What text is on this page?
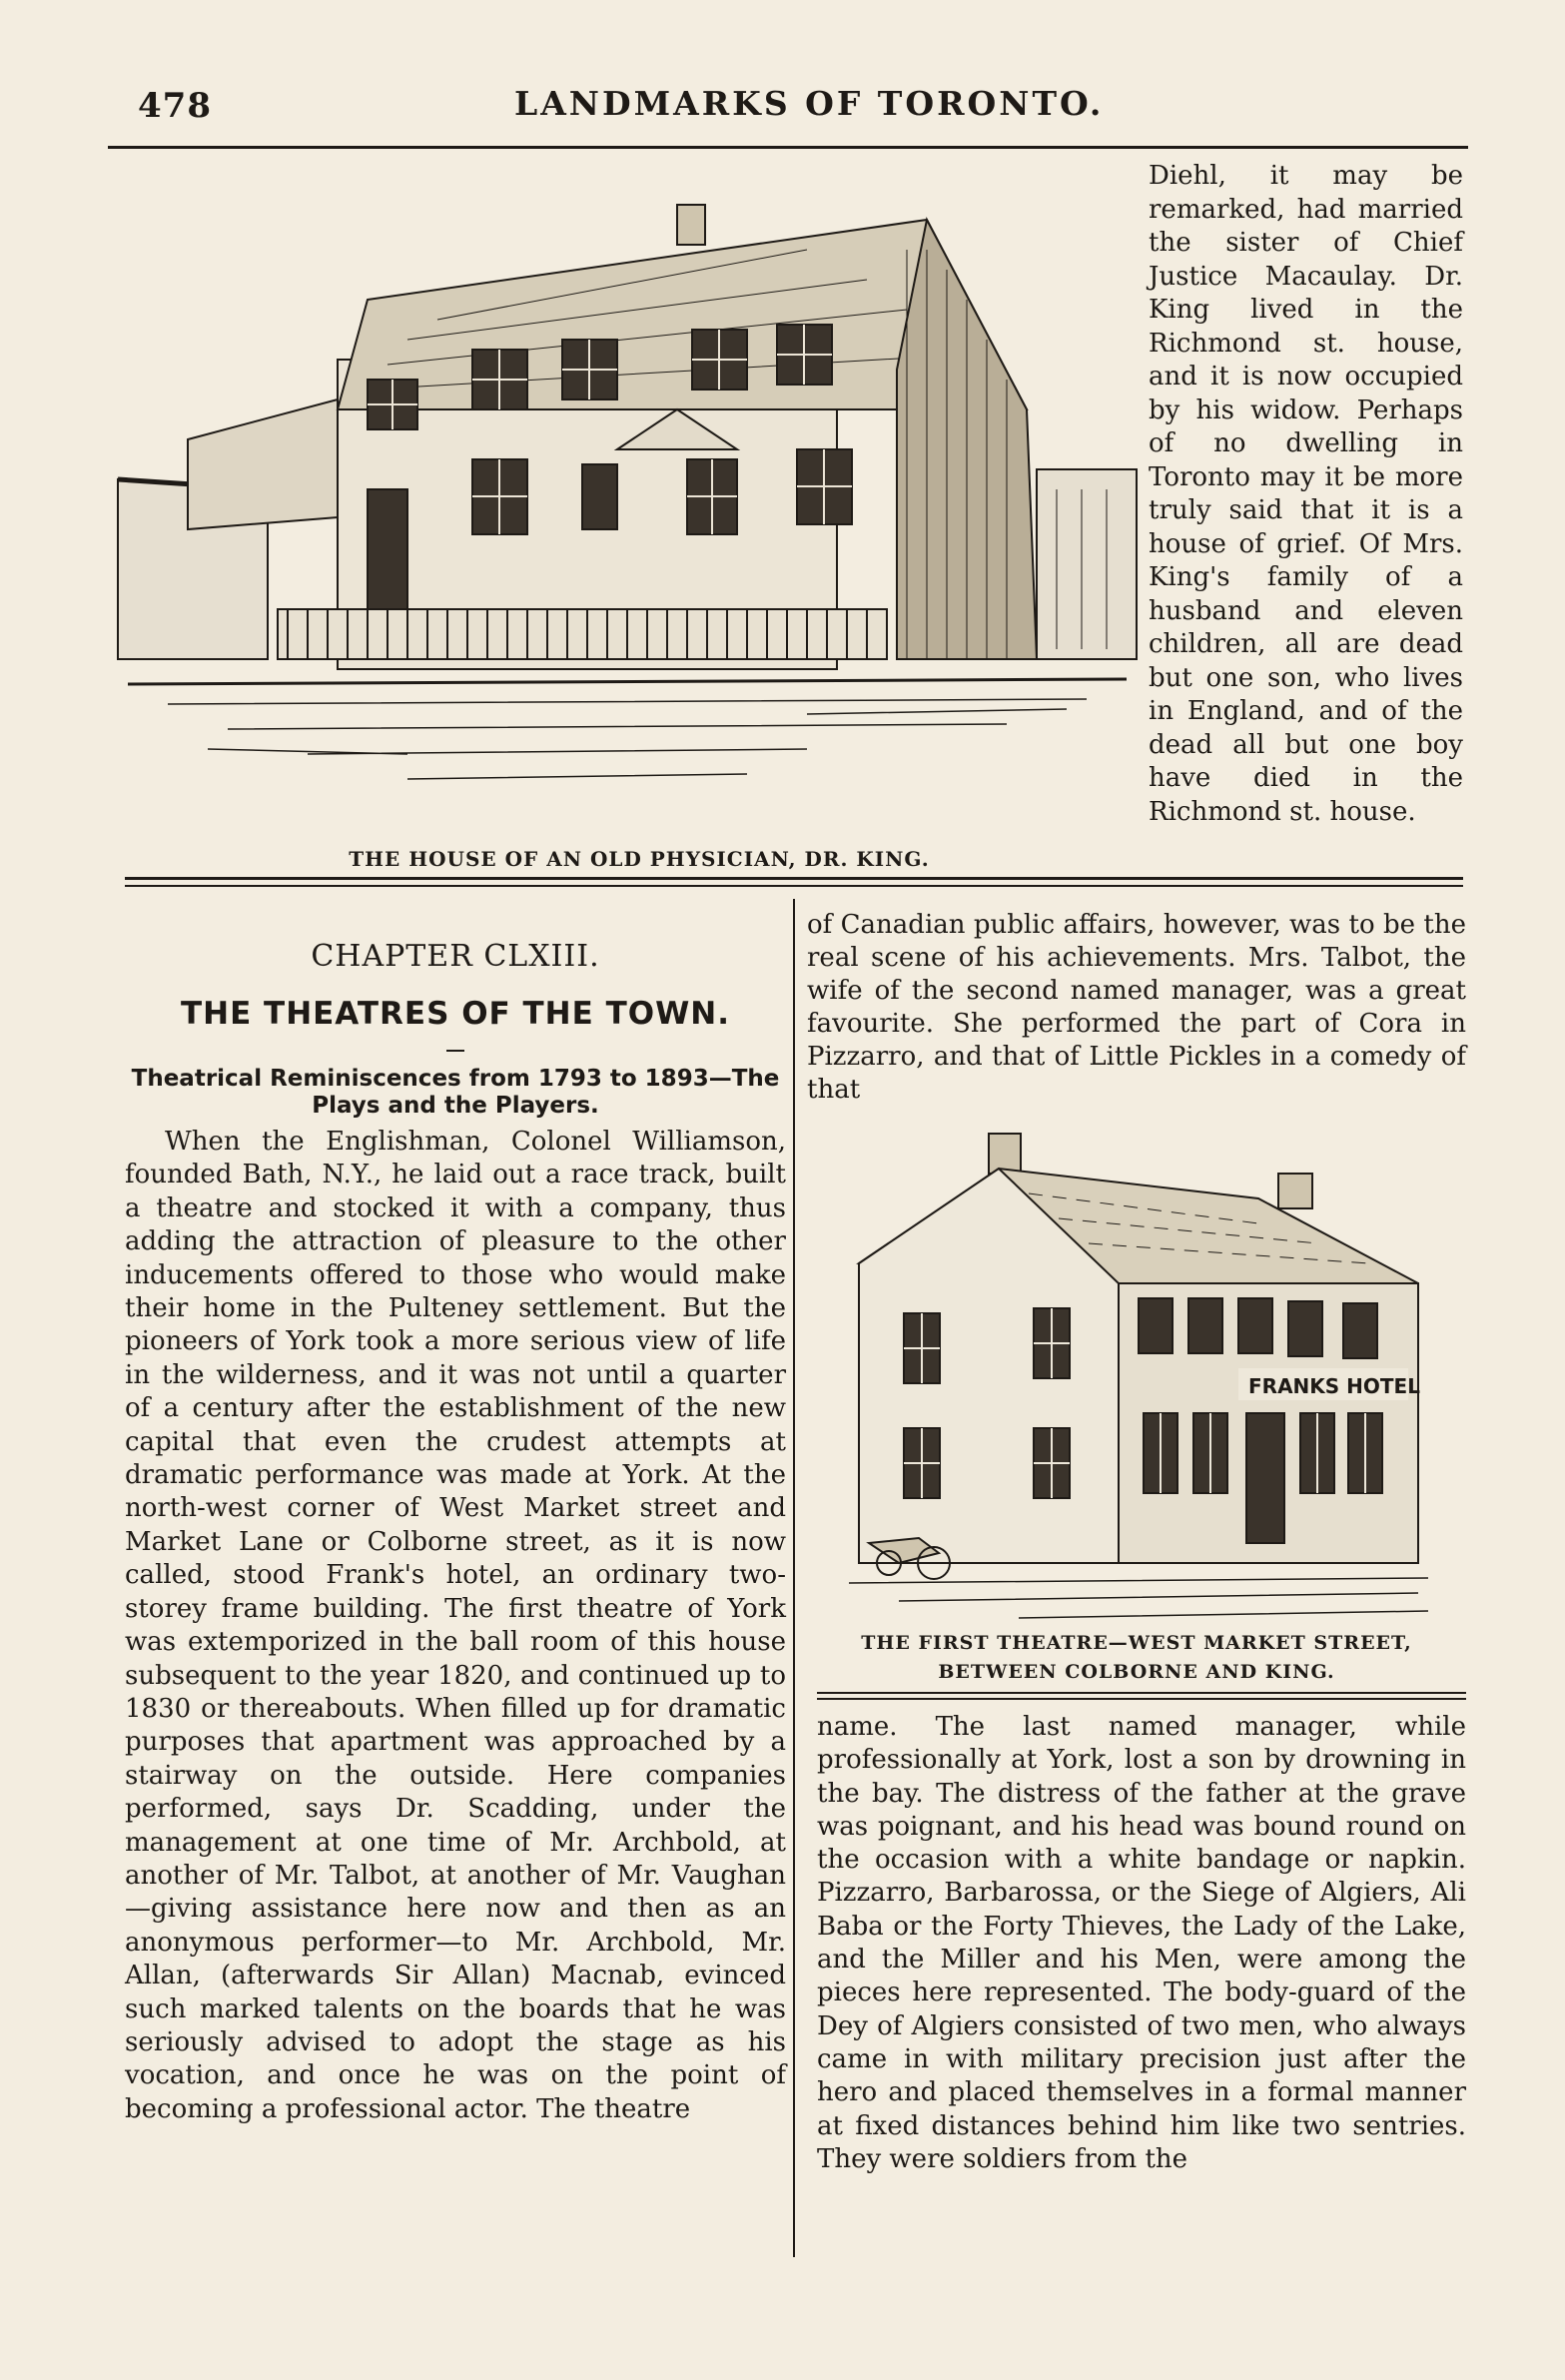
478	LANDMARKS OF TORONTO.
THE HOUSE OF AN OLD PHYSICIAN, DR. KING.
Diehl, it may be remarked, had married the sister of Chief Justice Macaulay. Dr. King lived in the Richmond st. house, and it is now occupied by his widow. Perhaps of no dwelling in Toronto may it be more truly said that it is a house of grief. Of Mrs. King's family of a husband and eleven children, all are dead but one son, who lives in England, and of the dead all but one boy have died in the Richmond st. house.
CHAPTER CLXIII.
THE THEATRES OF THE TOWN.
Theatrical Reminiscences from 1793 to 1893—The Plays and the Players.
When the Englishman, Colonel Williamson, founded Bath, N.Y., he laid out a race track, built a theatre and stocked it with a company, thus adding the attraction of pleasure to the other inducements offered to those who would make their home in the Pulteney settlement. But the pioneers of York took a more serious view of life in the wilderness, and it was not until a quarter of a century after the establishment of the new capital that even the crudest attempts at dramatic performance was made at York. At the north-west corner of West Market street and Market Lane or Colborne street, as it is now called, stood Frank's hotel, an ordinary two-storey frame building. The first theatre of York was extemporized in the ball room of this house subsequent to the year 1820, and continued up to 1830 or thereabouts. When filled up for dramatic purposes that apartment was approached by a stairway on the outside. Here companies performed, says Dr. Scadding, under the management at one time of Mr. Archbold, at another of Mr. Talbot, at another of Mr. Vaughan—giving assistance here now and then as an anonymous performer—to Mr. Archbold, Mr. Allan, (afterwards Sir Allan) Macnab, evinced such marked talents on the boards that he was seriously advised to adopt the stage as his vocation, and once he was on the point of becoming a professional actor. The theatre
of Canadian public affairs, however, was to be the real scene of his achievements. Mrs. Talbot, the wife of the second named manager, was a great favourite. She performed the part of Cora in Pizzarro, and that of Little Pickles in a comedy of that
FRANKS HOTEL
THE FIRST THEATRE—WEST MARKET STREET,
BETWEEN COLBORNE AND KING.
name. The last named manager, while professionally at York, lost a son by drowning in the bay. The distress of the father at the grave was poignant, and his head was bound round on the occasion with a white bandage or napkin. Pizzarro, Barbarossa, or the Siege of Algiers, Ali Baba or the Forty Thieves, the Lady of the Lake, and the Miller and his Men, were among the pieces here represented. The body-guard of the Dey of Algiers consisted of two men, who always came in with military precision just after the hero and placed themselves in a formal manner at fixed distances behind him like two sentries. They were soldiers from the
